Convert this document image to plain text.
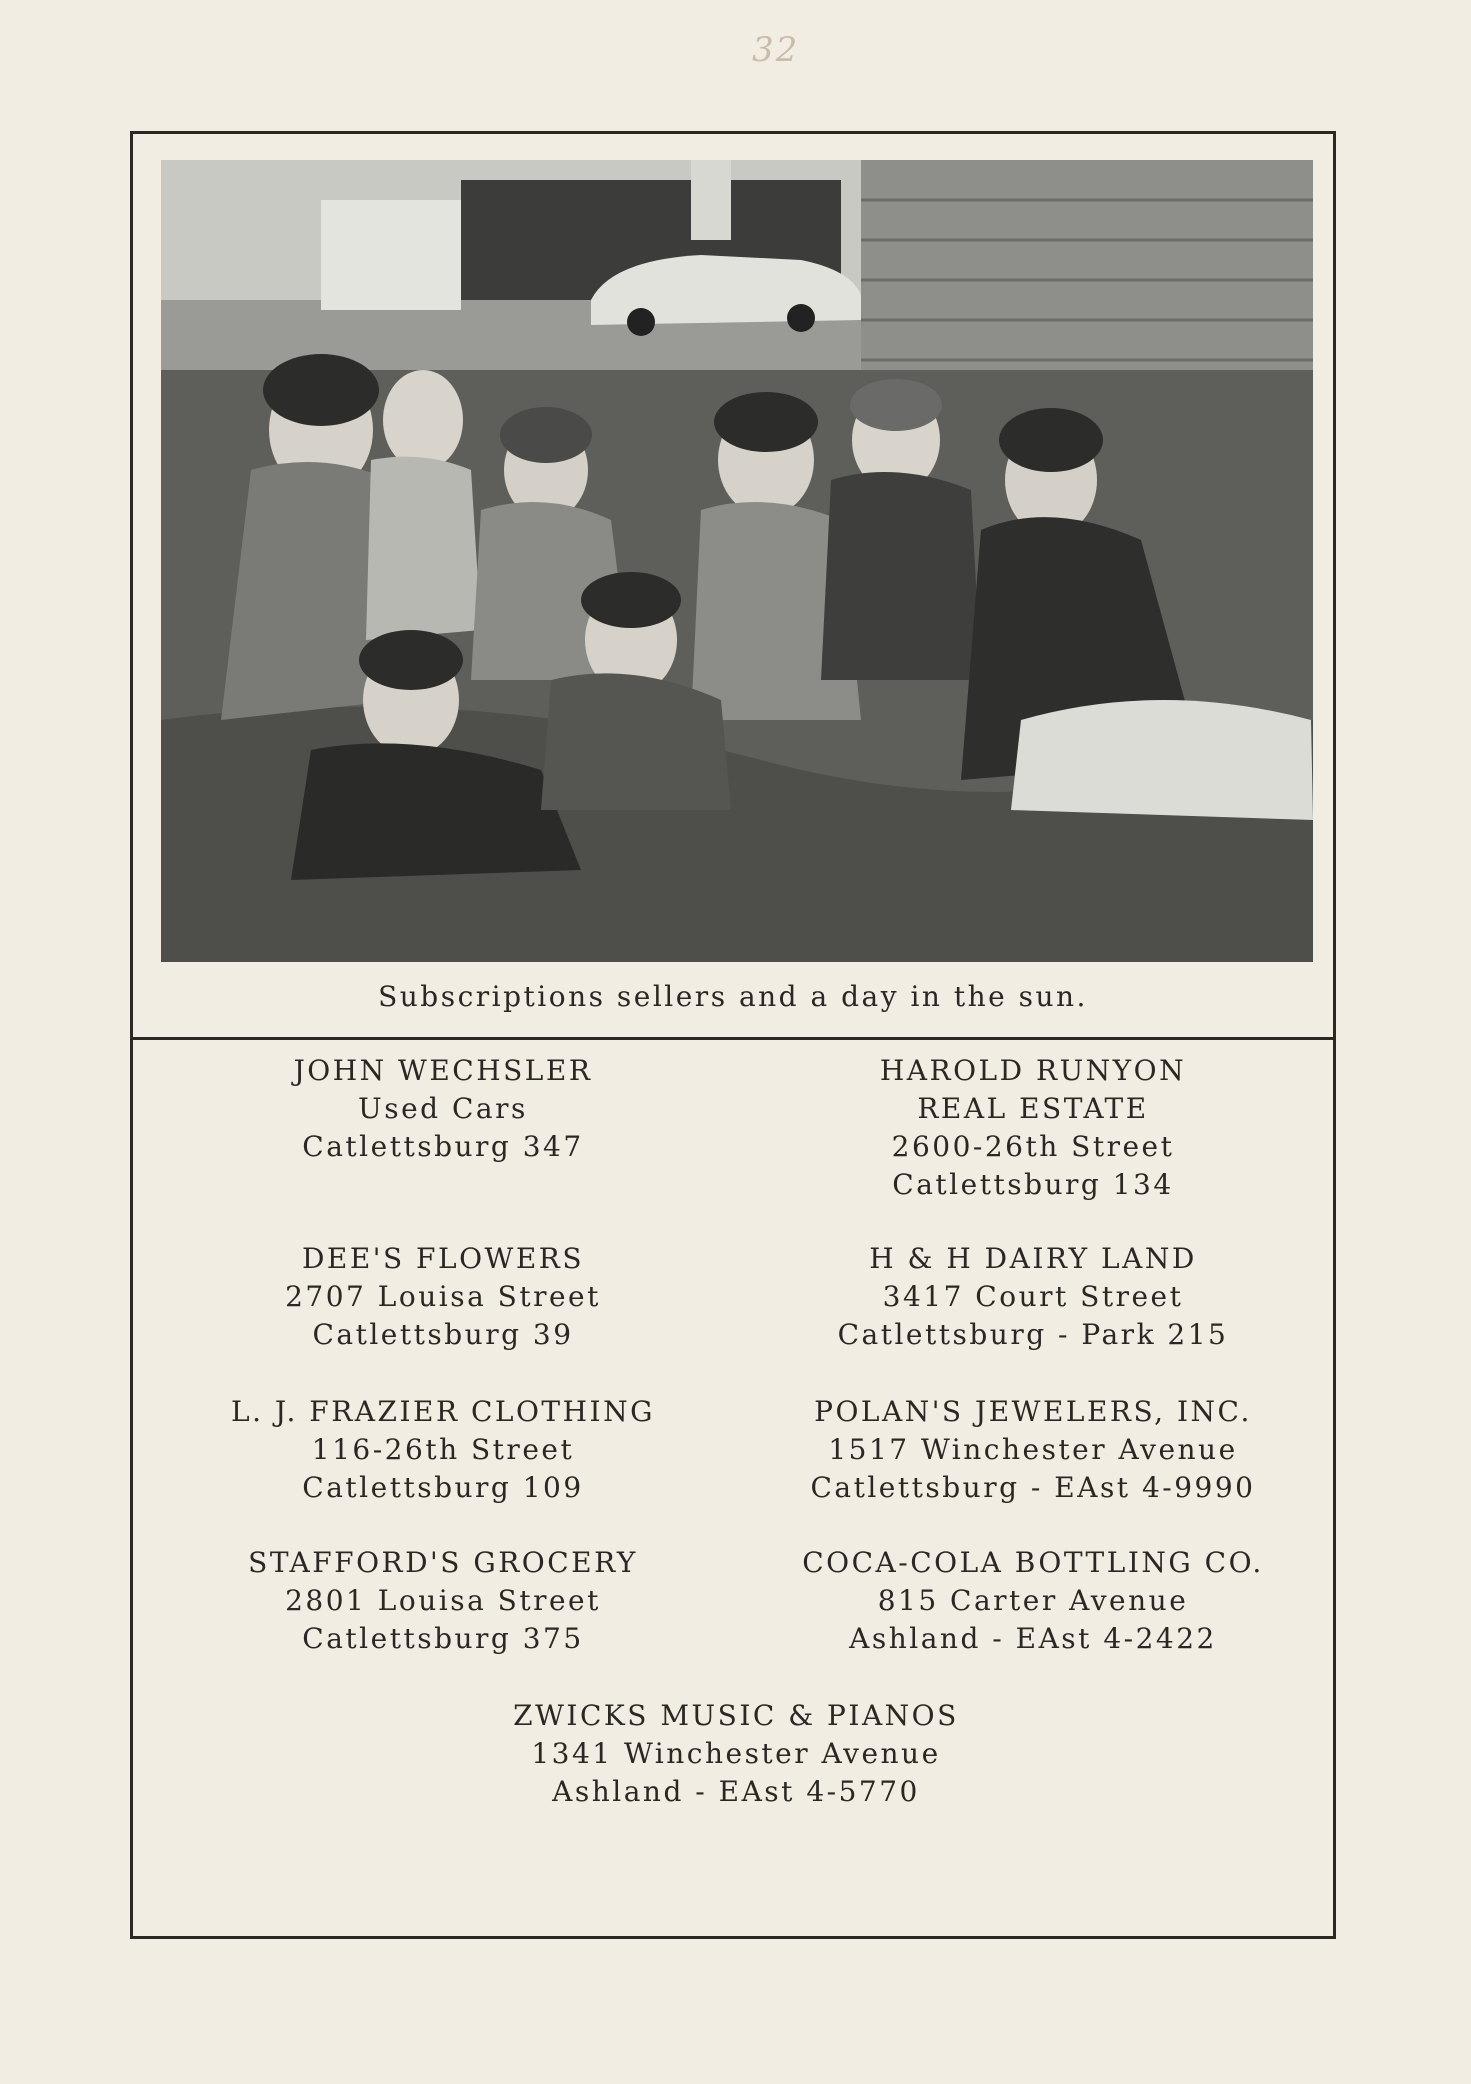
32
Subscriptions sellers and a day in the sun.
JOHN WECHSLER
Used Cars
Catlettsburg 347
DEE'S FLOWERS
2707 Louisa Street
Catlettsburg 39
L. J. FRAZIER CLOTHING
116-26th Street
Catlettsburg 109
STAFFORD'S GROCERY
2801 Louisa Street
Catlettsburg 375
HAROLD RUNYON
REAL ESTATE
2600-26th Street
Catlettsburg 134
H & H DAIRY LAND
3417 Court Street
Catlettsburg - Park 215
POLAN'S JEWELERS, INC.
1517 Winchester Avenue
Catlettsburg - EAst 4-9990
COCA-COLA BOTTLING CO.
815 Carter Avenue
Ashland - EAst 4-2422
ZWICKS MUSIC & PIANOS
1341 Winchester Avenue
Ashland - EAst 4-5770
